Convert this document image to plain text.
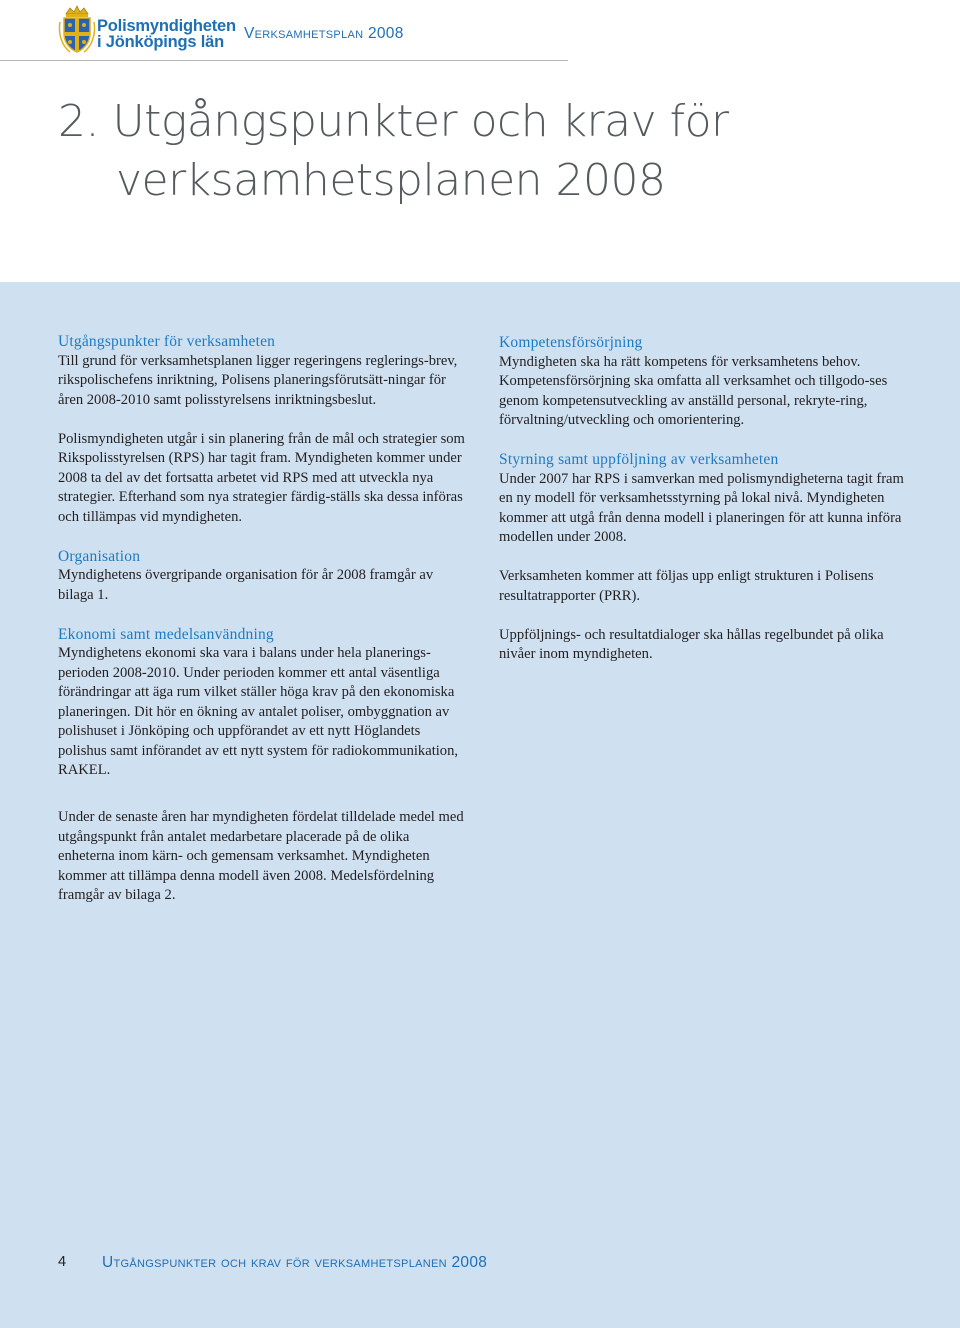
Polismyndigheten
i Jönköpings län	Verksamhetsplan 2008
2. Utgångspunkter och krav för
verksamhetsplanen 2008
Utgångspunkter för verksamheten

Till grund för verksamhetsplanen ligger regeringens reglerings-brev, rikspolischefens inriktning, Polisens planeringsförutsätt-ningar för åren 2008-2010 samt polisstyrelsens inriktningsbeslut.

Polismyndigheten utgår i sin planering från de mål och strategier som Rikspolisstyrelsen (RPS) har tagit fram. Myndigheten kommer under 2008 ta del av det fortsatta arbetet vid RPS med att utveckla nya strategier. Efterhand som nya strategier färdig-ställs ska dessa införas och tillämpas vid myndigheten.

Organisation

Myndighetens övergripande organisation för år 2008 framgår av bilaga 1.

Ekonomi samt medelsanvändning

Myndighetens ekonomi ska vara i balans under hela planerings-perioden 2008-2010. Under perioden kommer ett antal väsentliga förändringar att äga rum vilket ställer höga krav på den ekonomiska planeringen. Dit hör en ökning av antalet poliser, ombyggnation av polishuset i Jönköping och uppförandet av ett nytt Höglandets polishus samt införandet av ett nytt system för radiokommunikation, RAKEL.

Under de senaste åren har myndigheten fördelat tilldelade medel med utgångspunkt från antalet medarbetare placerade på de olika enheterna inom kärn- och gemensam verksamhet. Myndigheten kommer att tillämpa denna modell även 2008. Medelsfördelning framgår av bilaga 2.

Kompetensförsörjning

Myndigheten ska ha rätt kompetens för verksamhetens behov. Kompetensförsörjning ska omfatta all verksamhet och tillgodo-ses genom kompetensutveckling av anställd personal, rekryte-ring, förvaltning/utveckling och omorientering.

Styrning samt uppföljning av verksamheten

Under 2007 har RPS i samverkan med polismyndigheterna tagit fram en ny modell för verksamhetsstyrning på lokal nivå. Myndigheten kommer att utgå från denna modell i planeringen för att kunna införa modellen under 2008.

Verksamheten kommer att följas upp enligt strukturen i Polisens resultatrapporter (PRR).

Uppföljnings- och resultatdialoger ska hållas regelbundet på olika nivåer inom myndigheten.

4 Utgångspunkter och krav för verksamhetsplanen 2008
